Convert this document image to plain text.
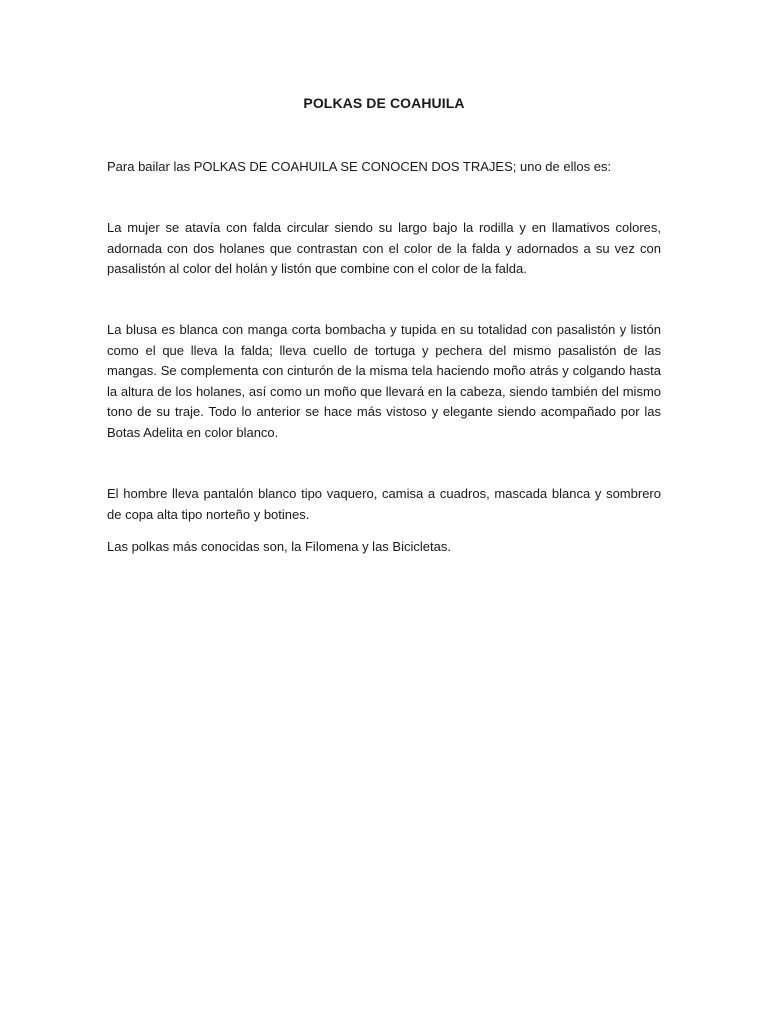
POLKAS DE COAHUILA

Para bailar las POLKAS DE COAHUILA SE CONOCEN DOS TRAJES; uno de ellos es:

La mujer se atavía con falda circular siendo su largo bajo la rodilla y en llamativos colores, adornada con dos holanes que contrastan con el color de la falda y adornados a su vez con pasalistón al color del holán y listón que combine con el color de la falda.

La blusa es blanca con manga corta bombacha y tupida en su totalidad con pasalistón y listón como el que lleva la falda; lleva cuello de tortuga y pechera del mismo pasalistón de las mangas. Se complementa con cinturón de la misma tela haciendo moño atrás y colgando hasta la altura de los holanes, así como un moño que llevará en la cabeza, siendo también del mismo tono de su traje. Todo lo anterior se hace más vistoso y elegante siendo acompañado por las Botas Adelita en color blanco.

El hombre lleva pantalón blanco tipo vaquero, camisa a cuadros, mascada blanca y sombrero de copa alta tipo norteño y botines.

Las polkas más conocidas son, la Filomena y las Bicicletas.
